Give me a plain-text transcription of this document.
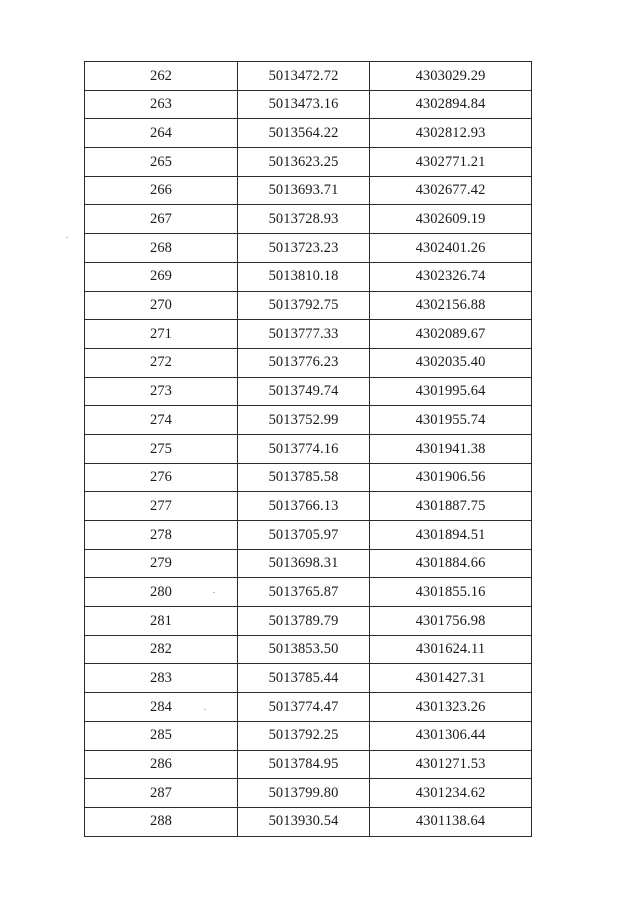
262	5013472.72	4303029.29
263	5013473.16	4302894.84
264	5013564.22	4302812.93
265	5013623.25	4302771.21
266	5013693.71	4302677.42
267	5013728.93	4302609.19
268	5013723.23	4302401.26
269	5013810.18	4302326.74
270	5013792.75	4302156.88
271	5013777.33	4302089.67
272	5013776.23	4302035.40
273	5013749.74	4301995.64
274	5013752.99	4301955.74
275	5013774.16	4301941.38
276	5013785.58	4301906.56
277	5013766.13	4301887.75
278	5013705.97	4301894.51
279	5013698.31	4301884.66
280	5013765.87	4301855.16
281	5013789.79	4301756.98
282	5013853.50	4301624.11
283	5013785.44	4301427.31
284	5013774.47	4301323.26
285	5013792.25	4301306.44
286	5013784.95	4301271.53
287	5013799.80	4301234.62
288	5013930.54	4301138.64
